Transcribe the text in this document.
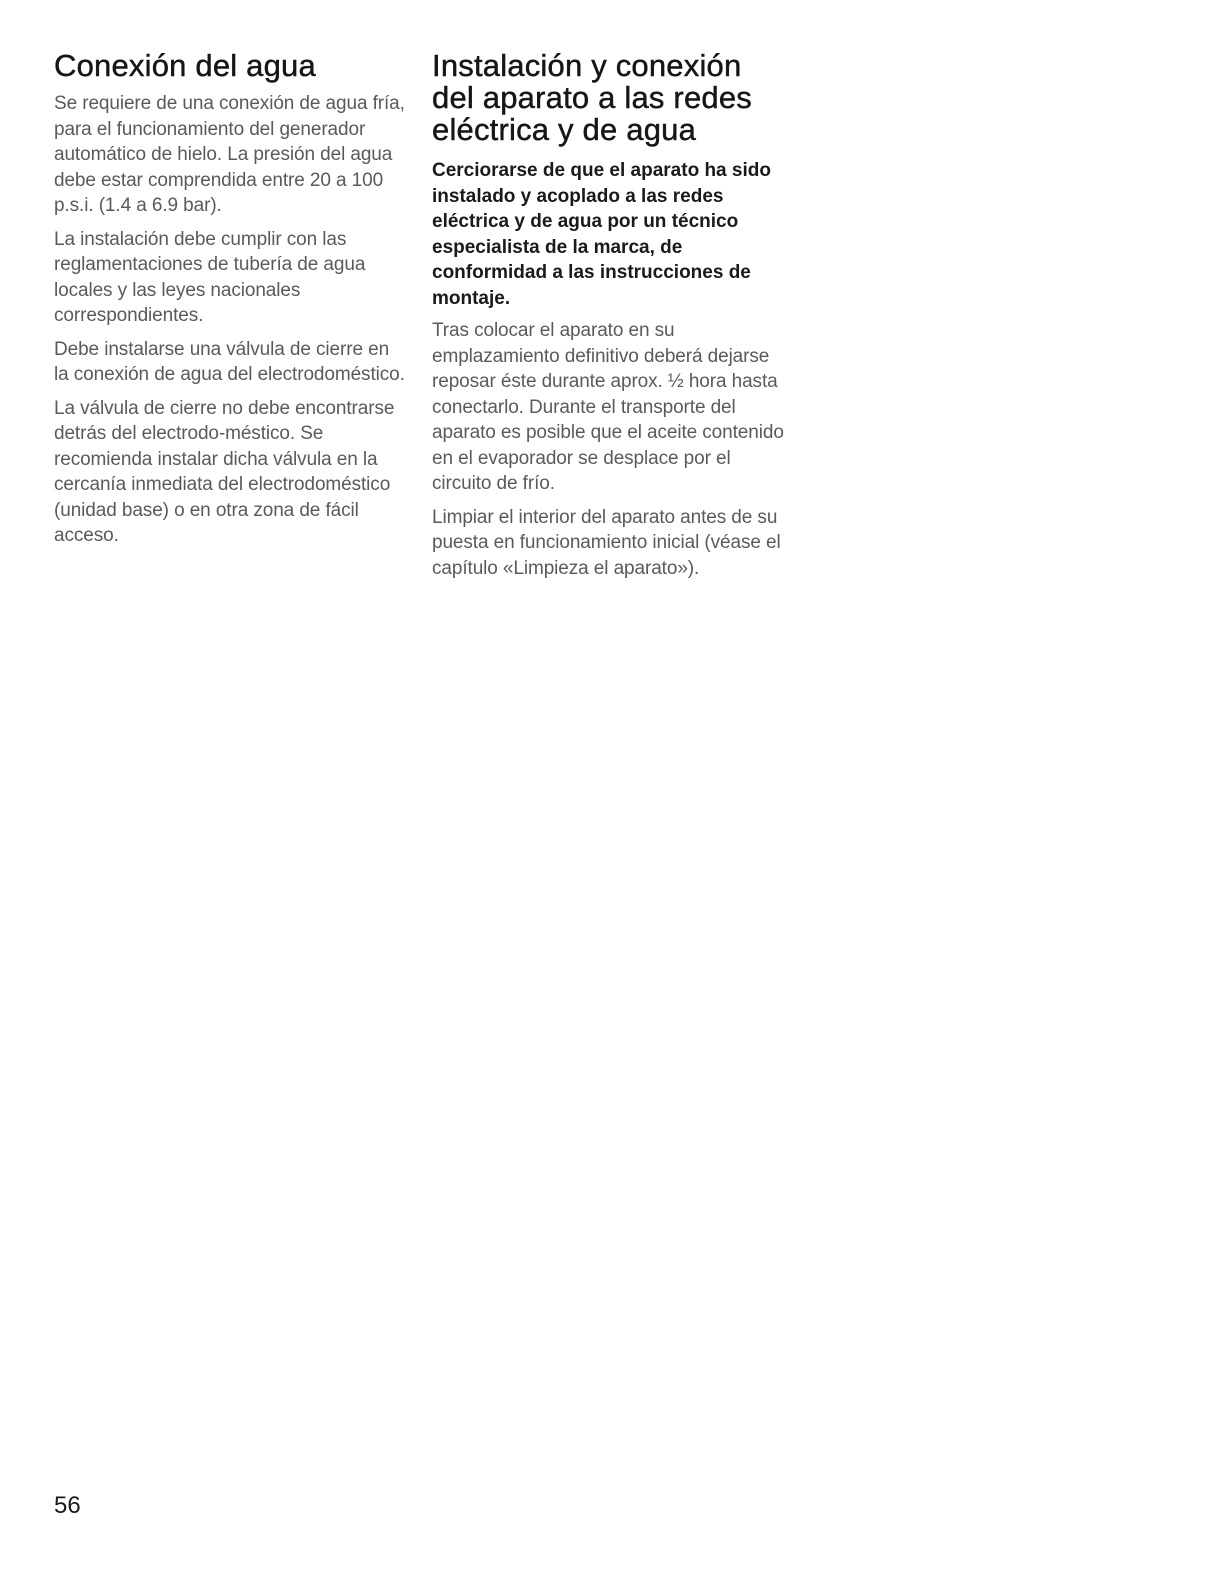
Conexión del agua

Se requiere de una conexión de agua fría, para el funcionamiento del generador automático de hielo. La presión del agua debe estar comprendida entre 20 a 100 p.s.i. (1.4 a 6.9 bar).

La instalación debe cumplir con las reglamentaciones de tubería de agua locales y las leyes nacionales correspondientes.

Debe instalarse una válvula de cierre en la conexión de agua del electrodoméstico.

La válvula de cierre no debe encontrarse detrás del electrodo-méstico. Se recomienda instalar dicha válvula en la cercanía inmediata del electrodoméstico (unidad base) o en otra zona de fácil acceso.

Instalación y conexión del aparato a las redes eléctrica y de agua

Cerciorarse de que el aparato ha sido instalado y acoplado a las redes eléctrica y de agua por un técnico especialista de la marca, de conformidad a las instrucciones de montaje.

Tras colocar el aparato en su emplazamiento definitivo deberá dejarse reposar éste durante aprox. ½ hora hasta conectarlo. Durante el transporte del aparato es posible que el aceite contenido en el evaporador se desplace por el circuito de frío.

Limpiar el interior del aparato antes de su puesta en funcionamiento inicial (véase el capítulo «Limpieza el aparato»).

56
